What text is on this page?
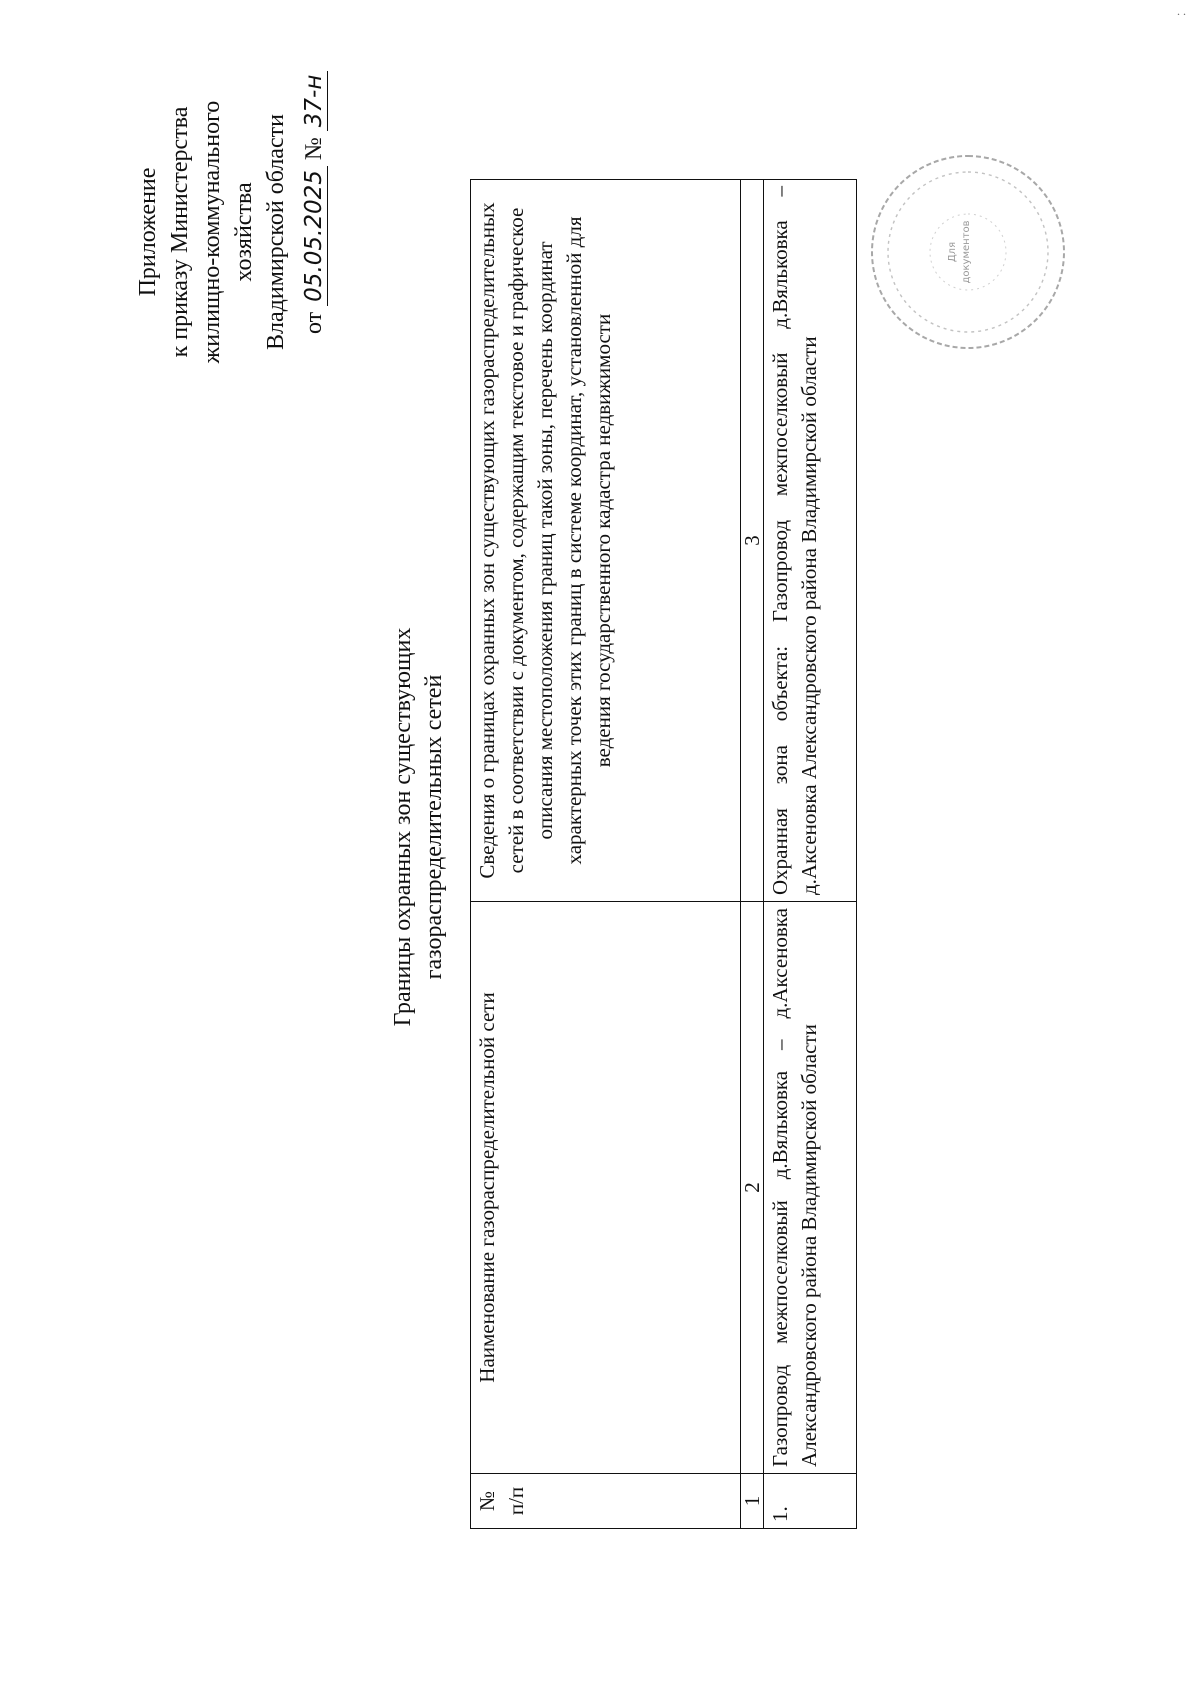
Приложение к приказу Министерства жилищно-коммунального хозяйства Владимирской области от 05.05.2025 № 37-н
Границы охранных зон существующих газораспределительных сетей
№ п/п	Наименование газораспределительной сети	Сведения о границах охранных зон существующих газораспределительных сетей в соответствии с документом, содержащим текстовое и графическое описания местоположения границ такой зоны, перечень координат характерных точек этих границ в системе координат, установленной для ведения государственного кадастра недвижимости
1	2	3
1.	Газопровод межпоселковый д.Вяльковка – д.Аксеновка Александровского района Владимирской области	Охранная зона объекта: Газопровод межпоселковый д.Вяльковка – д.Аксеновка Александровского района Владимирской области
Для документов
. .
